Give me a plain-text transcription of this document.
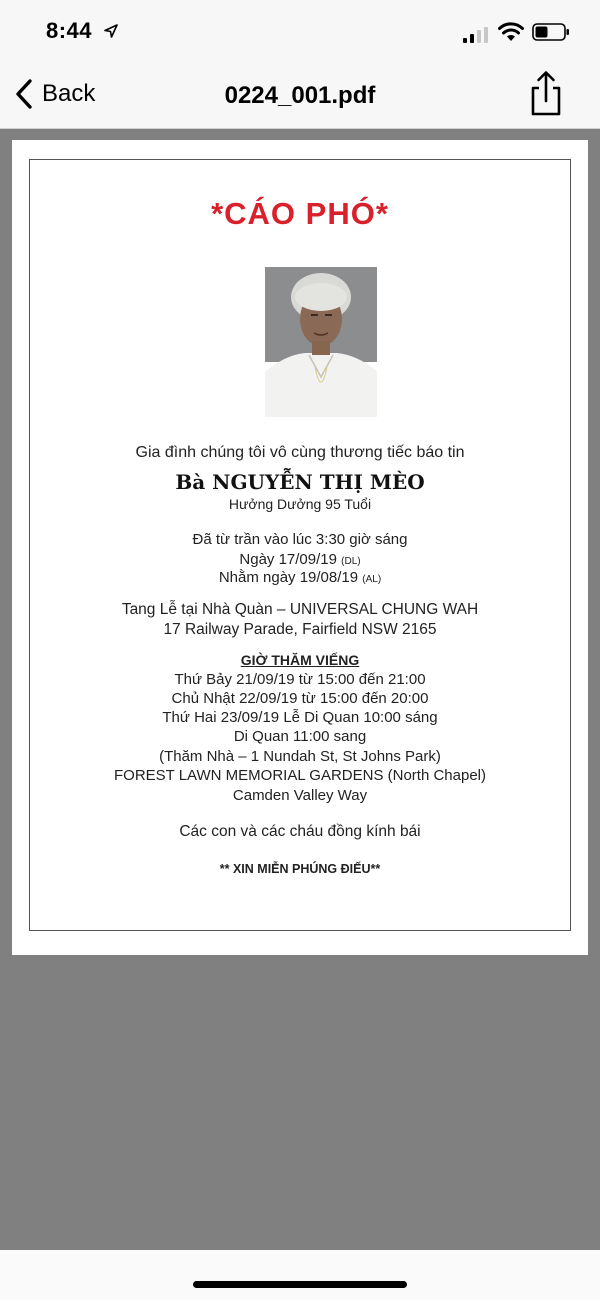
8:44
Back	0224_001.pdf
*CÁO PHÓ*
Gia đình chúng tôi vô cùng thương tiếc báo tin
Bà NGUYỄN THỊ MÈO
Hưởng Dưởng 95 Tuổi
Đã từ trần vào lúc 3:30 giờ sáng
Ngày 17/09/19 (DL)
Nhằm ngày 19/08/19 (AL)
Tang Lễ tại Nhà Quàn – UNIVERSAL CHUNG WAH
17 Railway Parade, Fairfield NSW 2165
GIỜ THĂM VIẾNG
Thứ Bảy 21/09/19 từ 15:00 đến 21:00
Chủ Nhật 22/09/19 từ 15:00 đến 20:00
Thứ Hai 23/09/19 Lễ Di Quan 10:00 sáng
Di Quan 11:00 sang
(Thăm Nhà – 1 Nundah St, St Johns Park)
FOREST LAWN MEMORIAL GARDENS (North Chapel)
Camden Valley Way
Các con và các cháu đồng kính bái
** XIN MIỄN PHÚNG ĐIẾU**
